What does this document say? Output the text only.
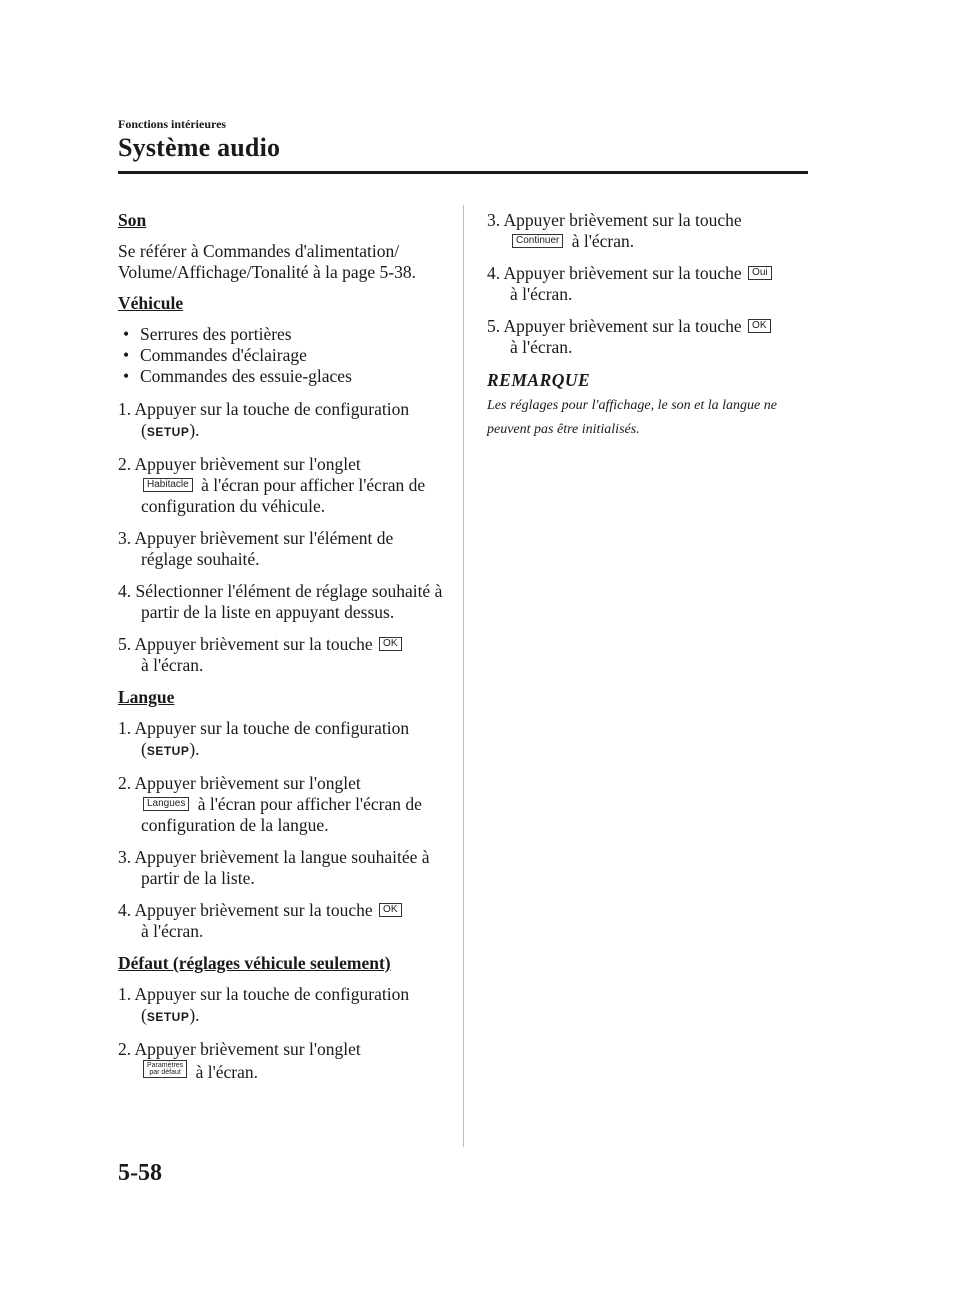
Fonctions intérieures
Système audio
Son

Se référer à Commandes d'alimentation/ Volume/Affichage/Tonalité à la page 5-38.

Véhicule
• Serrures des portières
• Commandes d'éclairage
• Commandes des essuie-glaces

1. Appuyer sur la touche de configuration
(SETUP).

2. Appuyer brièvement sur l'onglet
Habitacle à l'écran pour afficher l'écran de configuration du véhicule.

3. Appuyer brièvement sur l'élément de réglage souhaité.

4. Sélectionner l'élément de réglage souhaité à partir de la liste en appuyant dessus.

5. Appuyer brièvement sur la touche OK
à l'écran.

Langue

1. Appuyer sur la touche de configuration
(SETUP).

2. Appuyer brièvement sur l'onglet
Langues à l'écran pour afficher l'écran de configuration de la langue.

3. Appuyer brièvement la langue souhaitée à partir de la liste.

4. Appuyer brièvement sur la touche OK
à l'écran.

Défaut (réglages véhicule seulement)

1. Appuyer sur la touche de configuration
(SETUP).

2. Appuyer brièvement sur l'onglet

Paramètres
par défaut à l'écran.

3. Appuyer brièvement sur la touche
Continuer à l'écran.

4. Appuyer brièvement sur la touche Oui
à l'écran.

5. Appuyer brièvement sur la touche OK
à l'écran.

REMARQUE

Les réglages pour l'affichage, le son et la langue ne peuvent pas être initialisés.

5-58
